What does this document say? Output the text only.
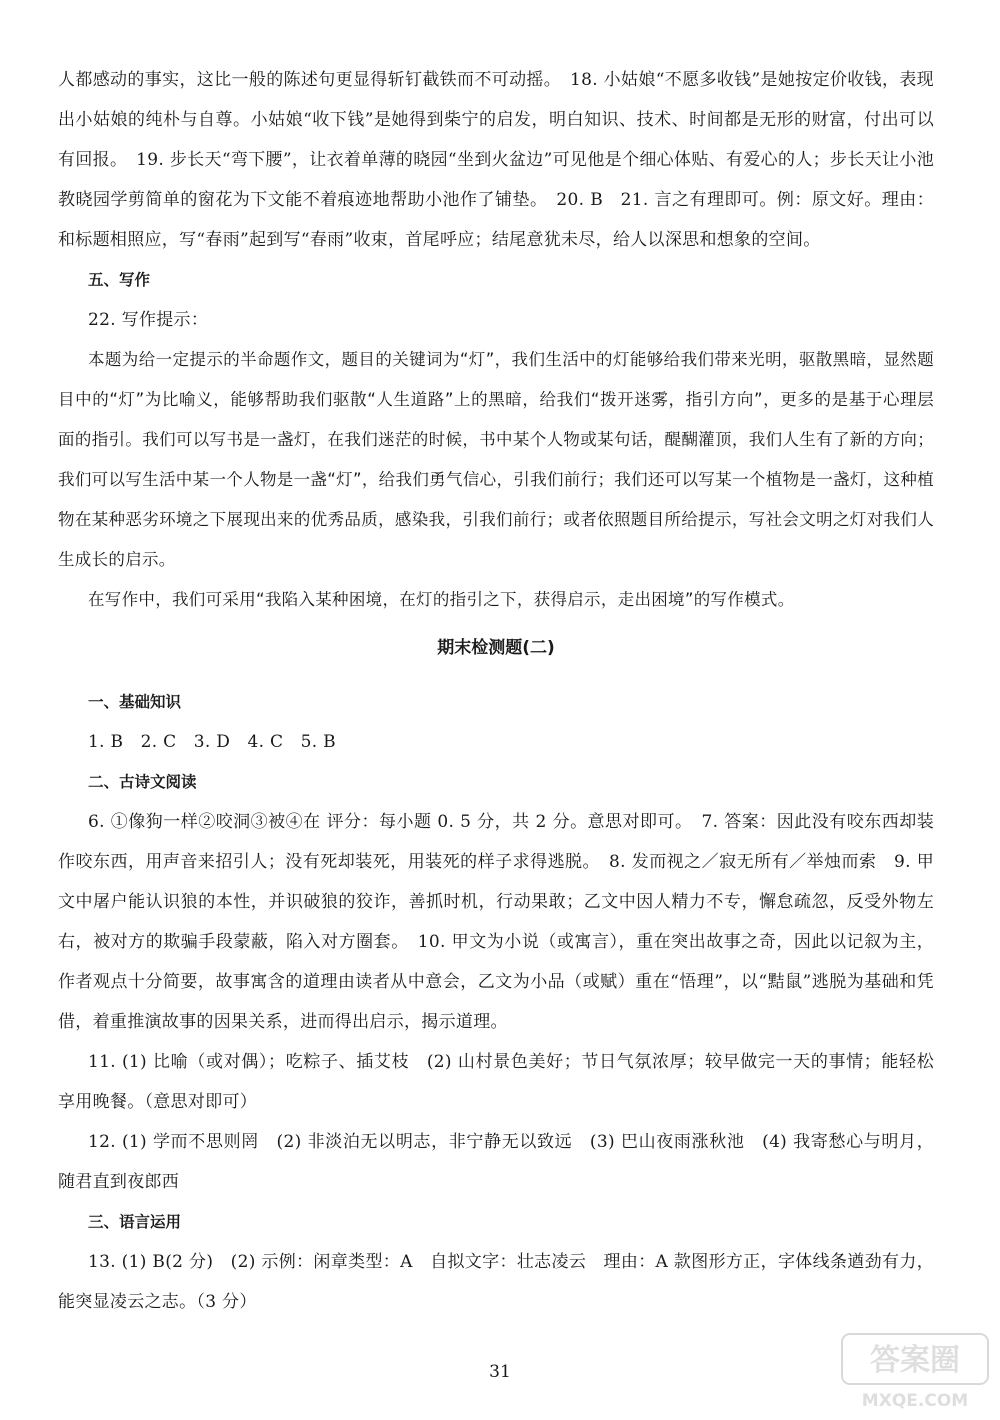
人都感动的事实，这比一般的陈述句更显得斩钉截铁而不可动摇。　18. 小姑娘“不愿多收钱”是她按定价收钱，表现出小姑娘的纯朴与自尊。小姑娘“收下钱”是她得到柴宁的启发，明白知识、技术、时间都是无形的财富，付出可以有回报。　19. 步长天“弯下腰”，让衣着单薄的晓园“坐到火盆边”可见他是个细心体贴、有爱心的人；步长天让小池教晓园学剪简单的窗花为下文能不着痕迹地帮助小池作了铺垫。　20. B　21. 言之有理即可。例：原文好。理由：和标题相照应，写“春雨”起到写“春雨”收束，首尾呼应；结尾意犹未尽，给人以深思和想象的空间。

五、写作

22. 写作提示：

本题为给一定提示的半命题作文，题目的关键词为“灯”，我们生活中的灯能够给我们带来光明，驱散黑暗，显然题目中的“灯”为比喻义，能够帮助我们驱散“人生道路”上的黑暗，给我们“拨开迷雾，指引方向”，更多的是基于心理层面的指引。我们可以写书是一盏灯，在我们迷茫的时候，书中某个人物或某句话，醍醐灌顶，我们人生有了新的方向；我们可以写生活中某一个人物是一盏“灯”，给我们勇气信心，引我们前行；我们还可以写某一个植物是一盏灯，这种植物在某种恶劣环境之下展现出来的优秀品质，感染我，引我们前行；或者依照题目所给提示，写社会文明之灯对我们人生成长的启示。

在写作中，我们可采用“我陷入某种困境，在灯的指引之下，获得启示，走出困境”的写作模式。

期末检测题(二)

一、基础知识

1. B　2. C　3. D　4. C　5. B

二、古诗文阅读

6. ①像狗一样②咬洞③被④在 评分：每小题 0. 5 分，共 2 分。意思对即可。　7. 答案：因此没有咬东西却装作咬东西，用声音来招引人；没有死却装死，用装死的样子求得逃脱。　8. 发而视之／寂无所有／举烛而索　9. 甲文中屠户能认识狼的本性，并识破狼的狡诈，善抓时机，行动果敢；乙文中因人精力不专，懈怠疏忽，反受外物左右，被对方的欺骗手段蒙蔽，陷入对方圈套。　10. 甲文为小说（或寓言），重在突出故事之奇，因此以记叙为主，作者观点十分简要，故事寓含的道理由读者从中意会，乙文为小品（或赋）重在“悟理”，以“黠鼠”逃脱为基础和凭借，着重推演故事的因果关系，进而得出启示，揭示道理。

11. (1) 比喻（或对偶）；吃粽子、插艾枝　(2) 山村景色美好；节日气氛浓厚；较早做完一天的事情；能轻松享用晚餐。（意思对即可）

12. (1) 学而不思则罔　(2) 非淡泊无以明志，非宁静无以致远　(3) 巴山夜雨涨秋池　(4) 我寄愁心与明月，随君直到夜郎西

三、语言运用

13. (1) B(2 分)　(2) 示例：闲章类型：A　自拟文字：壮志凌云　理由：A 款图形方正，字体线条遒劲有力，能突显凌云之志。（3 分）

31	答案圈
MXQE.COM
